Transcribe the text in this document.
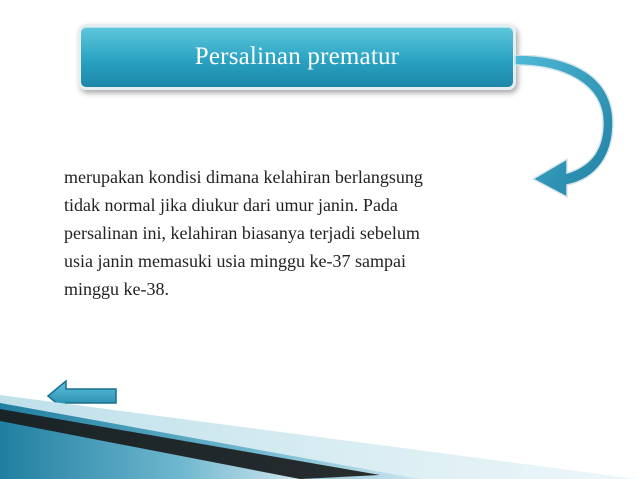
Persalinan prematur

merupakan kondisi dimana kelahiran berlangsung
tidak normal jika diukur dari umur janin. Pada
persalinan ini, kelahiran biasanya terjadi sebelum
usia janin memasuki usia minggu ke-37 sampai
minggu ke-38.
